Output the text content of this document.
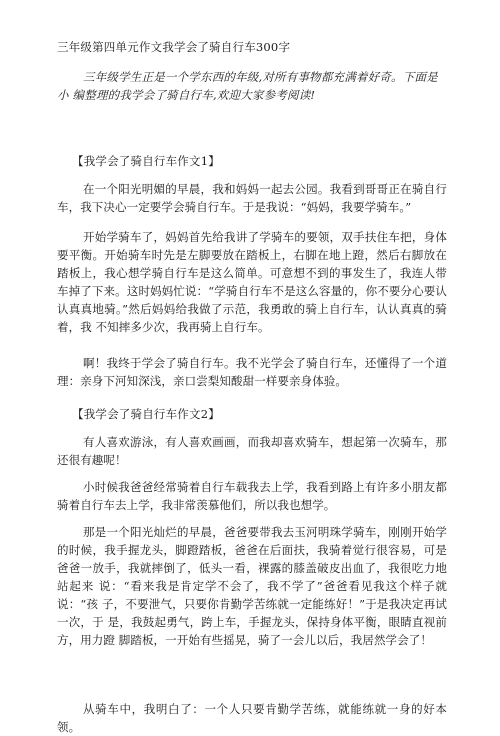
三年级第四单元作文我学会了骑自行车300字
三年级学生正是一个学东西的年级,对所有事物都充满着好奇。下面是小 编整理的我学会了骑自行车,欢迎大家参考阅读!
【我学会了骑自行车作文1】
在一个阳光明媚的早晨，我和妈妈一起去公园。我看到哥哥正在骑自行 车，我下决心一定要学会骑自行车。于是我说：“妈妈，我要学骑车。”
开始学骑车了，妈妈首先给我讲了学骑车的要领，双手扶住车把，身体要平衡。开始骑车时先是左脚要放在踏板上，右脚在地上蹬，然后右脚放在踏板上，我心想学骑自行车是这么简单。可意想不到的事发生了，我连人带车掉了下来。这时妈妈忙说：“学骑自行车不是这么容量的，你不要分心要认认真真地骑。”然后妈妈给我做了示范，我勇敢的骑上自行车，认认真真的骑着，我 不知摔多少次，我再骑上自行车。
啊！我终于学会了骑自行车。我不光学会了骑自行车，还懂得了一个道理：亲身下河知深浅，亲口尝梨知酸甜一样要亲身体验。
【我学会了骑自行车作文2】
有人喜欢游泳，有人喜欢画画，而我却喜欢骑车，想起第一次骑车，那还很有趣呢！
小时候我爸爸经常骑着自行车载我去上学，我看到路上有许多小朋友都骑着自行车去上学，我非常羡慕他们，所以我也想学。
那是一个阳光灿烂的早晨，爸爸要带我去玉河明珠学骑车，刚刚开始学的时候，我手握龙头，脚蹬踏板，爸爸在后面扶，我骑着觉行很容易，可是爸爸一放手，我就摔倒了，低头一看，裸露的膝盖破皮出血了，我很吃力地站起来 说：“看来我是肯定学不会了，我不学了”爸爸看见我这个样子就说：“孩 子，不要泄气，只要你肯勤学苦练就一定能练好！”于是我决定再试一次，于 是，我鼓起勇气，跨上车，手握龙头，保持身体平衡，眼睛直视前方，用力蹬 脚踏板，一开始有些摇晃，骑了一会儿以后，我居然学会了！
从骑车中，我明白了：一个人只要肯勤学苦练，就能练就一身的好本领。
